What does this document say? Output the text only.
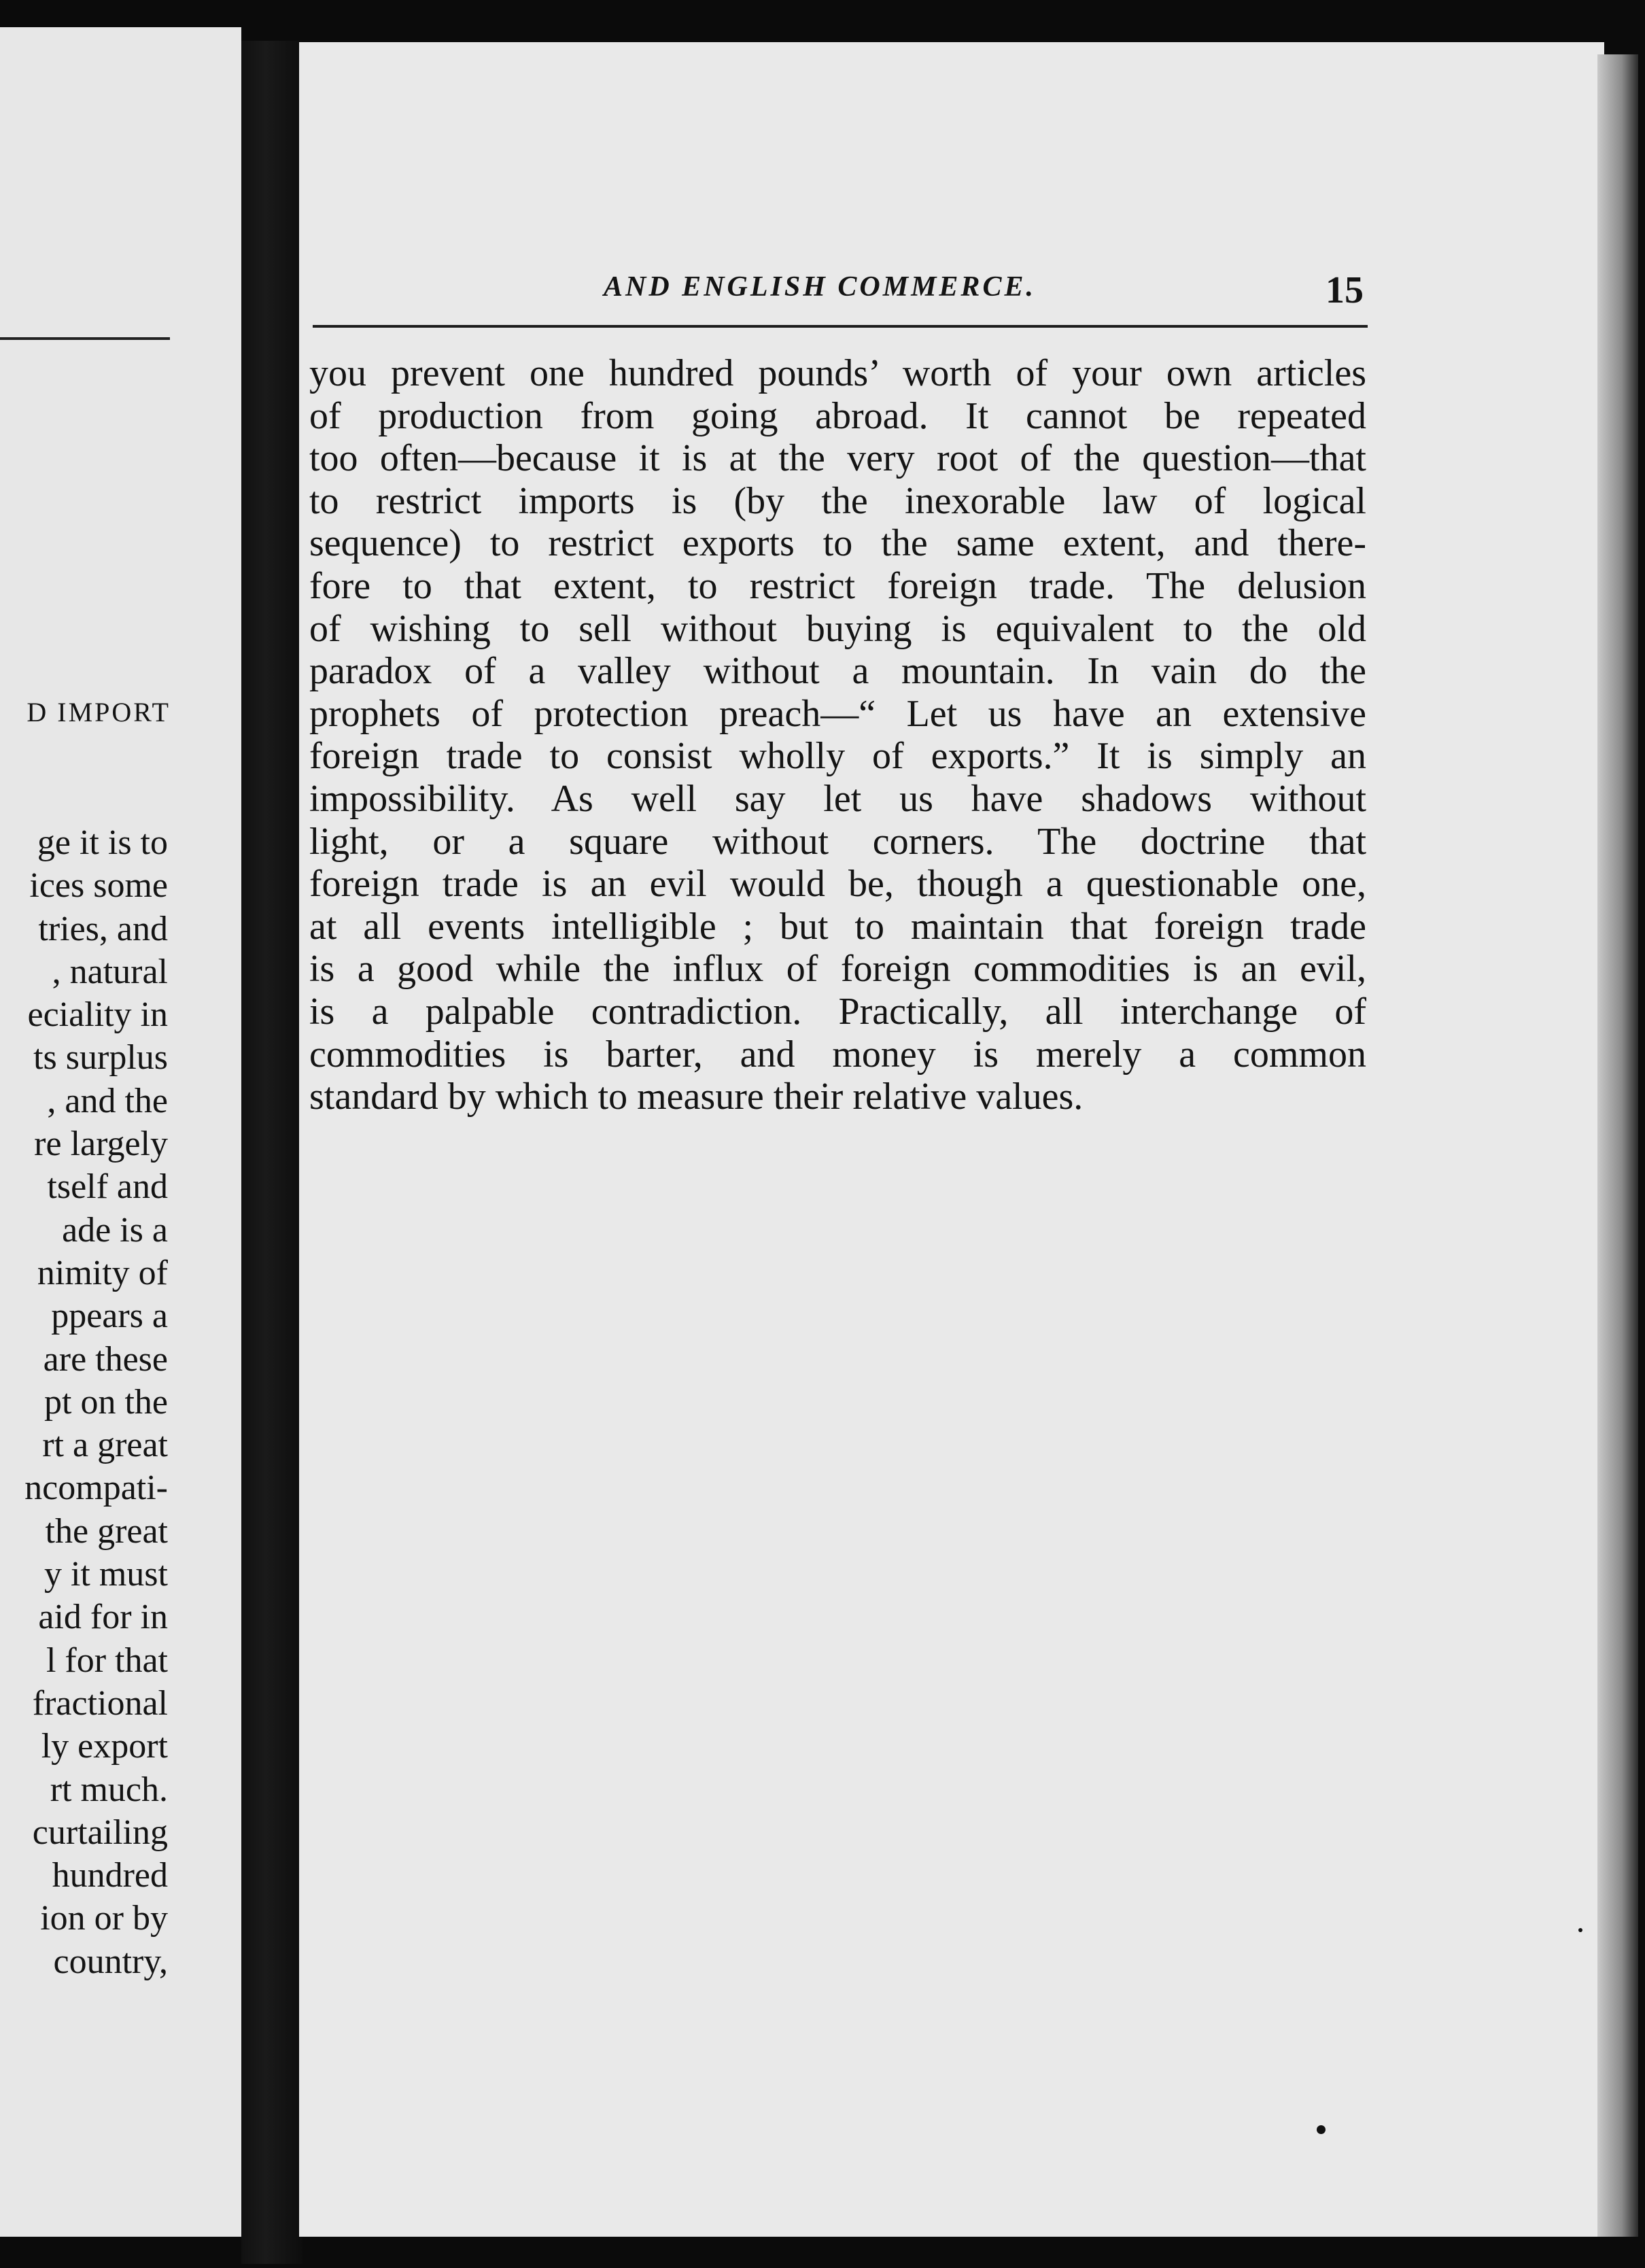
D IMPORT
ge it is to
ices some
tries, and
, natural
eciality in
ts surplus
, and the
re largely
tself and
ade is a
nimity of
ppears a
are these
pt on the
rt a great
ncompati-
the great
y it must
aid for in
l for that
fractional
ly export
rt much.
curtailing
hundred
ion or by
country,
AND ENGLISH COMMERCE.	15
you prevent one hundred pounds’ worth of your own articles
of production from going abroad. It cannot be repeated
too often—because it is at the very root of the question—that
to restrict imports is (by the inexorable law of logical
sequence) to restrict exports to the same extent, and there-
fore to that extent, to restrict foreign trade. The delusion
of wishing to sell without buying is equivalent to the old
paradox of a valley without a mountain. In vain do the
prophets of protection preach—“ Let us have an extensive
foreign trade to consist wholly of exports.” It is simply an
impossibility. As well say let us have shadows without
light, or a square without corners. The doctrine that
foreign trade is an evil would be, though a questionable one,
at all events intelligible ; but to maintain that foreign trade
is a good while the influx of foreign commodities is an evil,
is a palpable contradiction. Practically, all interchange of
commodities is barter, and money is merely a common
standard by which to measure their relative values.
